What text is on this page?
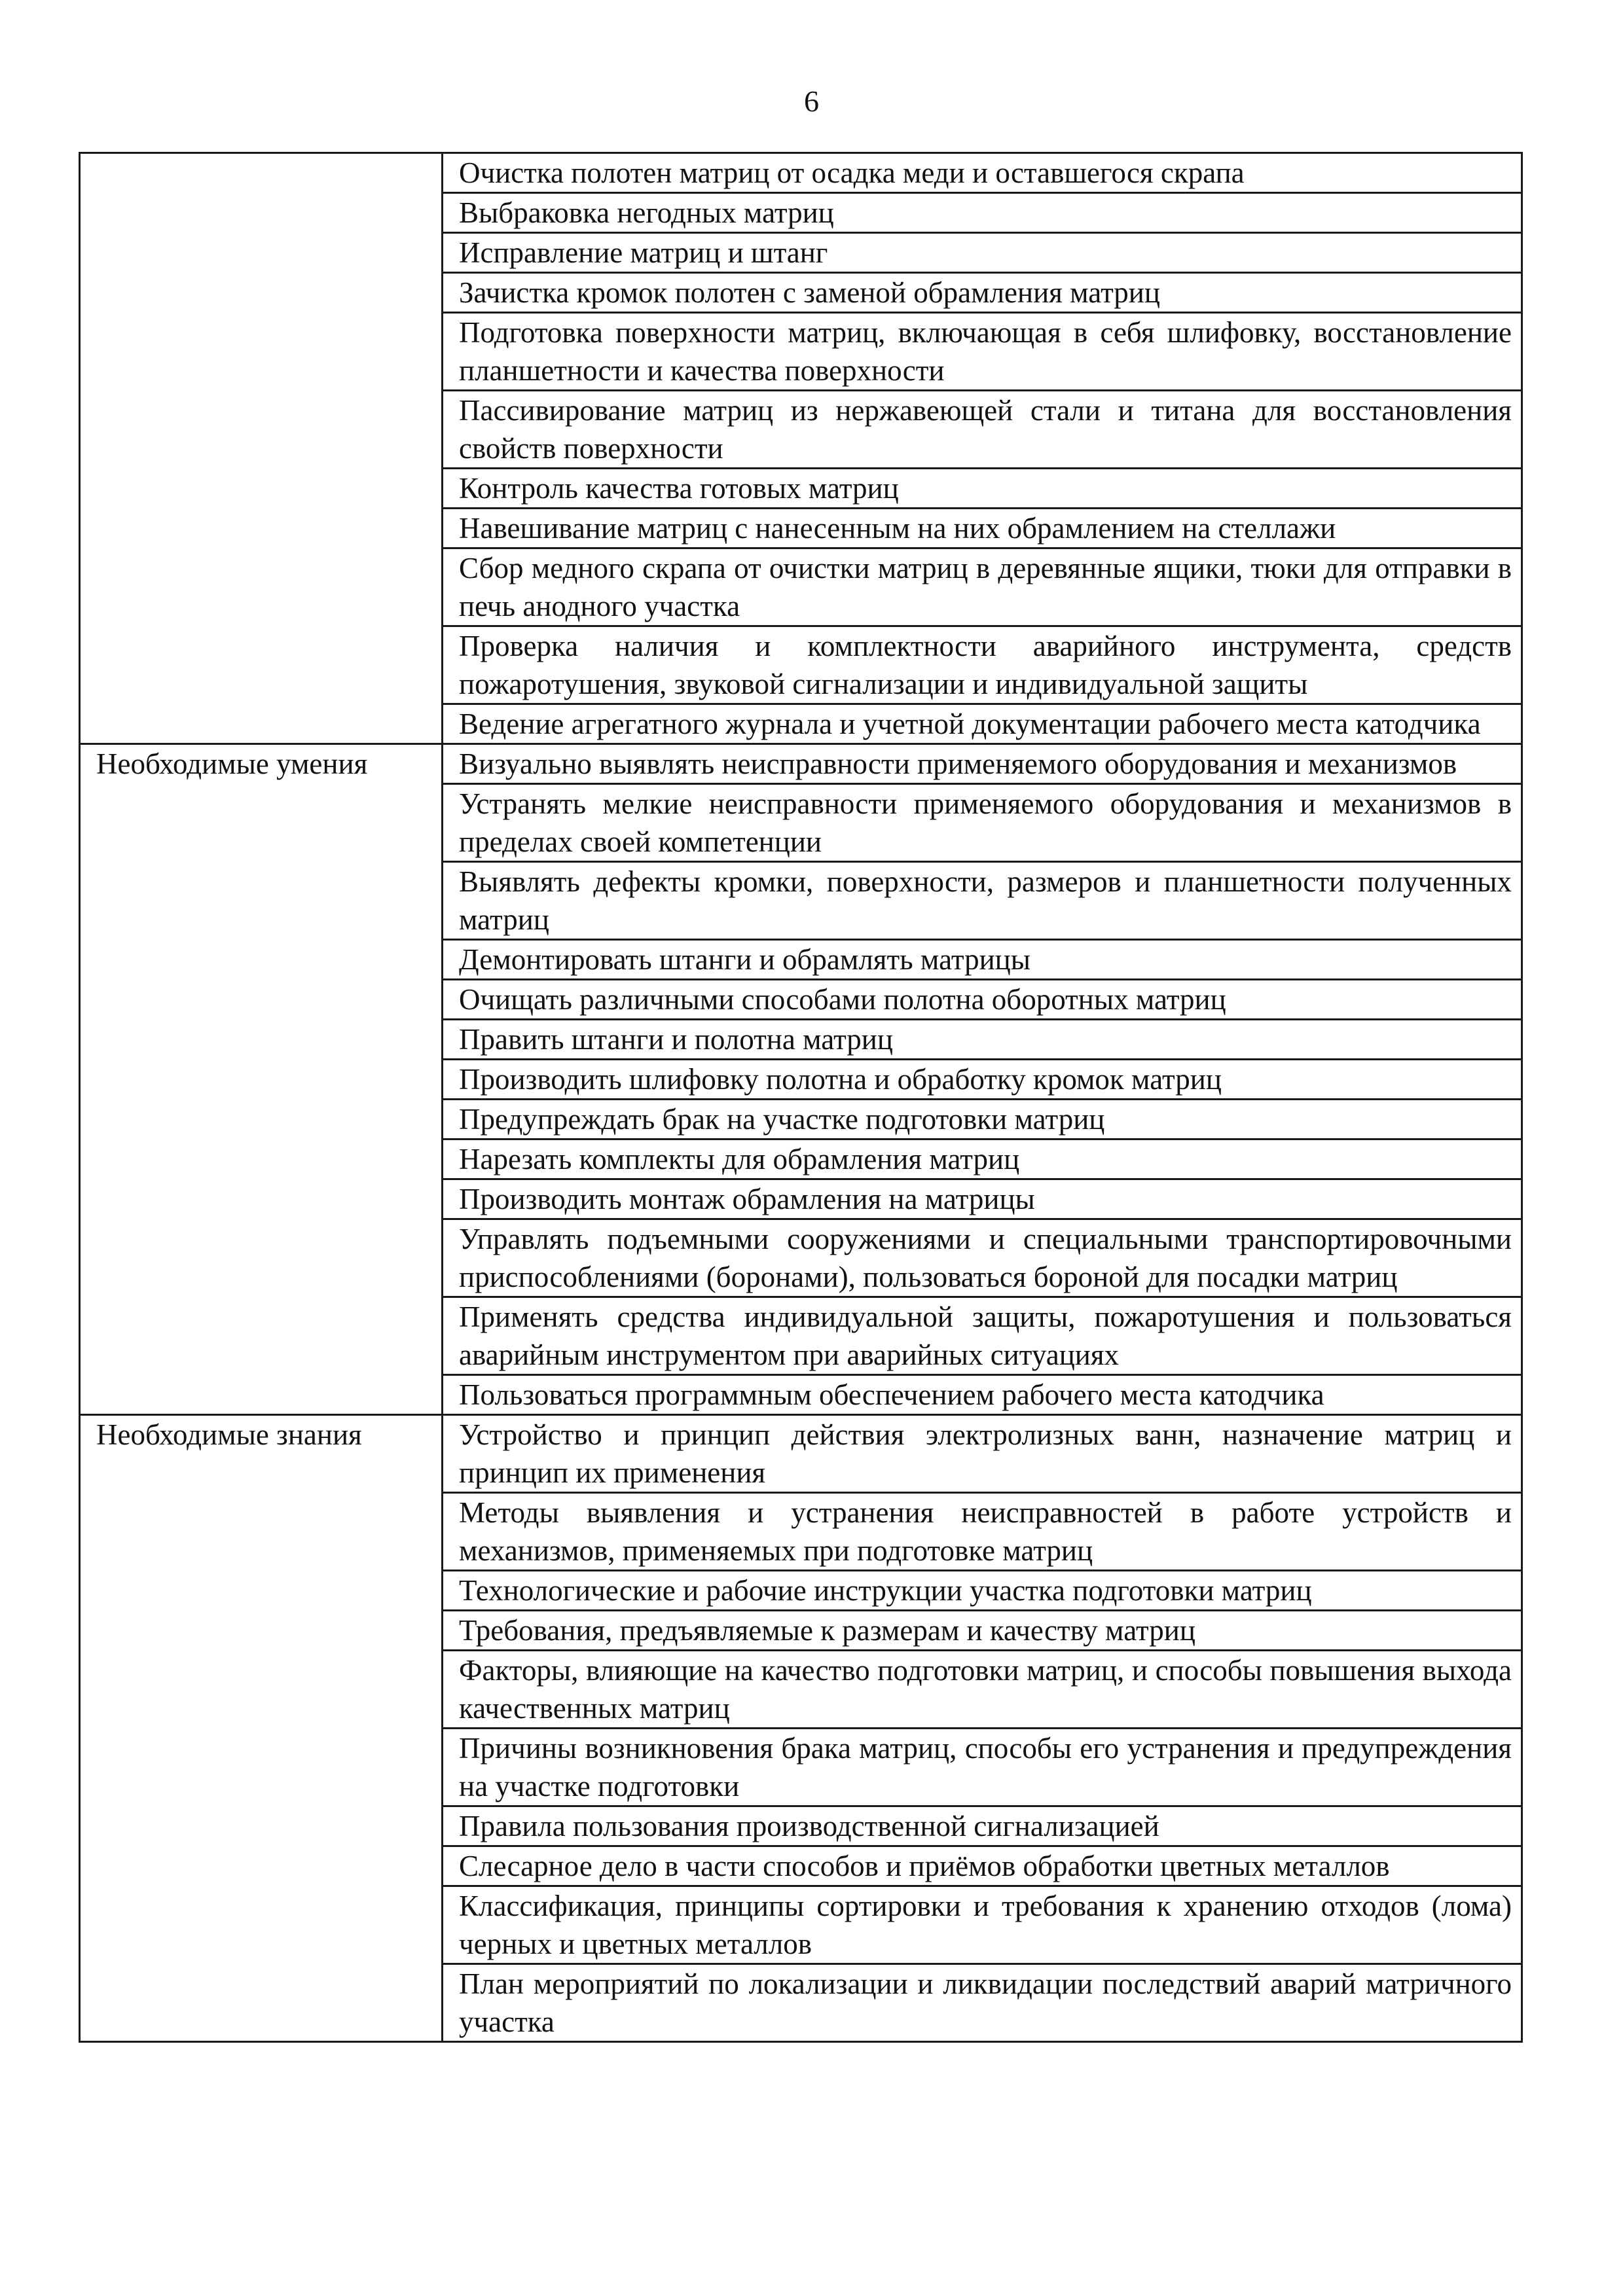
6
	Очистка полотен матриц от осадка меди и оставшегося скрапа
	Выбраковка негодных матриц
	Исправление матриц и штанг
	Зачистка кромок полотен с заменой обрамления матриц
	Подготовка поверхности матриц, включающая в себя шлифовку, восстановление планшетности и качества поверхности
	Пассивирование матриц из нержавеющей стали и титана для восстановления свойств поверхности
	Контроль качества готовых матриц
	Навешивание матриц с нанесенным на них обрамлением на стеллажи
	Сбор медного скрапа от очистки матриц в деревянные ящики, тюки для отправки в печь анодного участка
	Проверка наличия и комплектности аварийного инструмента, средств пожаротушения, звуковой сигнализации и индивидуальной защиты
	Ведение агрегатного журнала и учетной документации рабочего места катодчика
Необходимые умения	Визуально выявлять неисправности применяемого оборудования и механизмов
	Устранять мелкие неисправности применяемого оборудования и механизмов в пределах своей компетенции
	Выявлять дефекты кромки, поверхности, размеров и планшетности полученных матриц
	Демонтировать штанги и обрамлять матрицы
	Очищать различными способами полотна оборотных матриц
	Править штанги и полотна матриц
	Производить шлифовку полотна и обработку кромок матриц
	Предупреждать брак на участке подготовки матриц
	Нарезать комплекты для обрамления матриц
	Производить монтаж обрамления на матрицы
	Управлять подъемными сооружениями и специальными транспортировочными приспособлениями (боронами), пользоваться бороной для посадки матриц
	Применять средства индивидуальной защиты, пожаротушения и пользоваться аварийным инструментом при аварийных ситуациях
	Пользоваться программным обеспечением рабочего места катодчика
Необходимые знания	Устройство и принцип действия электролизных ванн, назначение матриц и принцип их применения
	Методы выявления и устранения неисправностей в работе устройств и механизмов, применяемых при подготовке матриц
	Технологические и рабочие инструкции участка подготовки матриц
	Требования, предъявляемые к размерам и качеству матриц
	Факторы, влияющие на качество подготовки матриц, и способы повышения выхода качественных матриц
	Причины возникновения брака матриц, способы его устранения и предупреждения на участке подготовки
	Правила пользования производственной сигнализацией
	Слесарное дело в части способов и приёмов обработки цветных металлов
	Классификация, принципы сортировки и требования к хранению отходов (лома) черных и цветных металлов
	План мероприятий по локализации и ликвидации последствий аварий матричного участка
